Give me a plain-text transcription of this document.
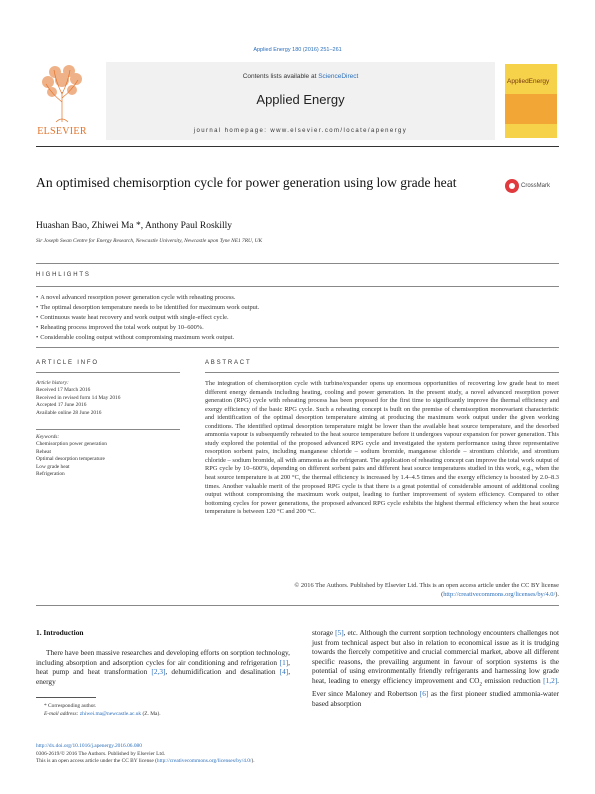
Applied Energy 180 (2016) 251–261
ELSEVIER
Contents lists available at ScienceDirect
Applied Energy
journal homepage: www.elsevier.com/locate/apenergy
AppliedEnergy
An optimised chemisorption cycle for power generation using low grade heat	CrossMark
Huashan Bao, Zhiwei Ma *, Anthony Paul Roskilly
Sir Joseph Swan Centre for Energy Research, Newcastle University, Newcastle upon Tyne NE1 7RU, UK
HIGHLIGHTS
• A novel advanced resorption power generation cycle with reheating process.
• The optimal desorption temperature needs to be identified for maximum work output.
• Continuous waste heat recovery and work output with single-effect cycle.
• Reheating process improved the total work output by 10–600%.
• Considerable cooling output without compromising maximum work output.
ARTICLE INFO
Article history:
Received 17 March 2016
Received in revised form 14 May 2016
Accepted 17 June 2016
Available online 28 June 2016
Keywords:
Chemisorption power generation
Reheat
Optimal desorption temperature
Low grade heat
Refrigeration
ABSTRACT
The integration of chemisorption cycle with turbine/expander opens up enormous opportunities of recovering low grade heat to meet different energy demands including heating, cooling and power generation. In the present study, a novel advanced resorption power generation (RPG) cycle with reheating process has been proposed for the first time to significantly improve the thermal efficiency and exergy efficiency of the basic RPG cycle. Such a reheating concept is built on the premise of chemisorption monovariant characteristic and identification of the optimal desorption temperature aiming at producing the maximum work output under the given working conditions. The identified optimal desorption temperature might be lower than the available heat source temperature, and the desorbed ammonia vapour is subsequently reheated to the heat source temperature before it undergoes vapour expansion for power generation. This study explored the potential of the proposed advanced RPG cycle and investigated the system performance using three representative resorption sorbent pairs, including manganese chloride – sodium bromide, manganese chloride – strontium chloride, and strontium chloride – sodium bromide, all with ammonia as the refrigerant. The application of reheating concept can improve the total work output of RPG cycle by 10–600%, depending on different sorbent pairs and different heat source temperatures studied in this work, e.g., when the heat source temperature is at 200 °C, the thermal efficiency is increased by 1.4–4.5 times and the exergy efficiency is boosted by 2.0–8.3 times. Another valuable merit of the proposed RPG cycle is that there is a great potential of considerable amount of additional cooling output without compromising the maximum work output, leading to further improvement of system efficiency. Compared to other bottoming cycles for power generations, the proposed advanced RPG cycle exhibits the highest thermal efficiency when the heat source temperature is between 120 °C and 200 °C.
© 2016 The Authors. Published by Elsevier Ltd. This is an open access article under the CC BY license (http://creativecommons.org/licenses/by/4.0/).
1. Introduction
There have been massive researches and developing efforts on sorption technology, including absorption and adsorption cycles for air conditioning and refrigeration [1], heat pump and heat transformation [2,3], dehumidification and desalination [4], energy
storage [5], etc. Although the current sorption technology encounters challenges not just from technical aspect but also in relation to economical issue as it is trudging towards the fiercely competitive and crucial commercial market, above all different specific reasons, the prevailing argument in favour of sorption systems is the potential of using environmentally friendly refrigerants and harnessing low grade heat, leading to energy efficiency improvement and $CO_2$ emission reduction [1,2]. Ever since Maloney and Robertson [6] as the first pioneer studied ammonia-water based absorption
* Corresponding author.
E-mail address: zhiwei.ma@newcastle.ac.uk (Z. Ma).
http://dx.doi.org/10.1016/j.apenergy.2016.06.080
0306-2619/© 2016 The Authors. Published by Elsevier Ltd.
This is an open access article under the CC BY license (http://creativecommons.org/licenses/by/4.0/).
